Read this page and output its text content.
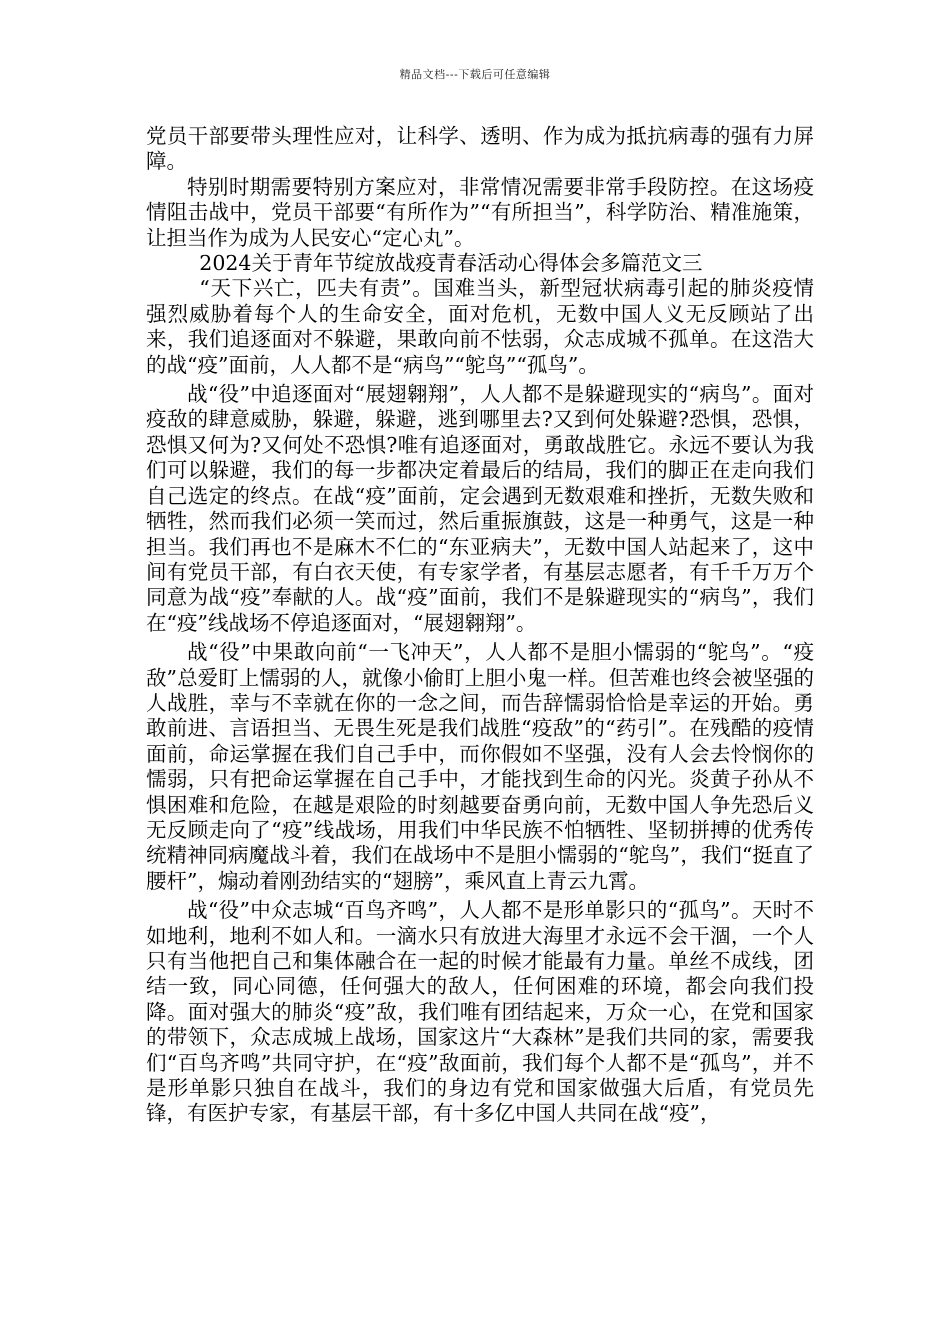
精品文档---下载后可任意编辑

党员干部要带头理性应对，让科学、透明、作为成为抵抗病毒的强有力屏障。

特别时期需要特别方案应对，非常情况需要非常手段防控。在这场疫情阻击战中，党员干部要“有所作为”“有所担当”，科学防治、精准施策，让担当作为成为人民安心“定心丸”。

2024关于青年节绽放战疫青春活动心得体会多篇范文三

“天下兴亡，匹夫有责”。国难当头，新型冠状病毒引起的肺炎疫情强烈威胁着每个人的生命安全，面对危机，无数中国人义无反顾站了出来，我们追逐面对不躲避，果敢向前不怯弱，众志成城不孤单。在这浩大的战“疫”面前，人人都不是“病鸟”“鸵鸟”“孤鸟”。

战“役”中追逐面对“展翅翱翔”，人人都不是躲避现实的“病鸟”。面对疫敌的肆意威胁，躲避，躲避，逃到哪里去?又到何处躲避?恐惧，恐惧，恐惧又何为?又何处不恐惧?唯有追逐面对，勇敢战胜它。永远不要认为我们可以躲避，我们的每一步都决定着最后的结局，我们的脚正在走向我们自己选定的终点。在战“疫”面前，定会遇到无数艰难和挫折，无数失败和牺牲，然而我们必须一笑而过，然后重振旗鼓，这是一种勇气，这是一种担当。我们再也不是麻木不仁的“东亚病夫”，无数中国人站起来了，这中间有党员干部，有白衣天使，有专家学者，有基层志愿者，有千千万万个同意为战“疫”奉献的人。战“疫”面前，我们不是躲避现实的“病鸟”，我们在“疫”线战场不停追逐面对，“展翅翱翔”。

战“役”中果敢向前“一飞冲天”，人人都不是胆小懦弱的“鸵鸟”。“疫敌”总爱盯上懦弱的人，就像小偷盯上胆小鬼一样。但苦难也终会被坚强的人战胜，幸与不幸就在你的一念之间，而告辞懦弱恰恰是幸运的开始。勇敢前进、言语担当、无畏生死是我们战胜“疫敌”的“药引”。在残酷的疫情面前，命运掌握在我们自己手中，而你假如不坚强，没有人会去怜悯你的懦弱，只有把命运掌握在自己手中，才能找到生命的闪光。炎黄子孙从不惧困难和危险，在越是艰险的时刻越要奋勇向前，无数中国人争先恐后义无反顾走向了“疫”线战场，用我们中华民族不怕牺牲、坚韧拼搏的优秀传统精神同病魔战斗着，我们在战场中不是胆小懦弱的“鸵鸟”，我们“挺直了腰杆”，煽动着刚劲结实的“翅膀”，乘风直上青云九霄。

战“役”中众志城“百鸟齐鸣”，人人都不是形单影只的“孤鸟”。天时不如地利，地利不如人和。一滴水只有放进大海里才永远不会干涸，一个人只有当他把自己和集体融合在一起的时候才能最有力量。单丝不成线，团结一致，同心同德，任何强大的敌人，任何困难的环境，都会向我们投降。面对强大的肺炎“疫”敌，我们唯有团结起来，万众一心，在党和国家的带领下，众志成城上战场，国家这片“大森林”是我们共同的家，需要我们“百鸟齐鸣”共同守护，在“疫”敌面前，我们每个人都不是“孤鸟”，并不是形单影只独自在战斗，我们的身边有党和国家做强大后盾，有党员先锋，有医护专家，有基层干部，有十多亿中国人共同在战“疫”，
